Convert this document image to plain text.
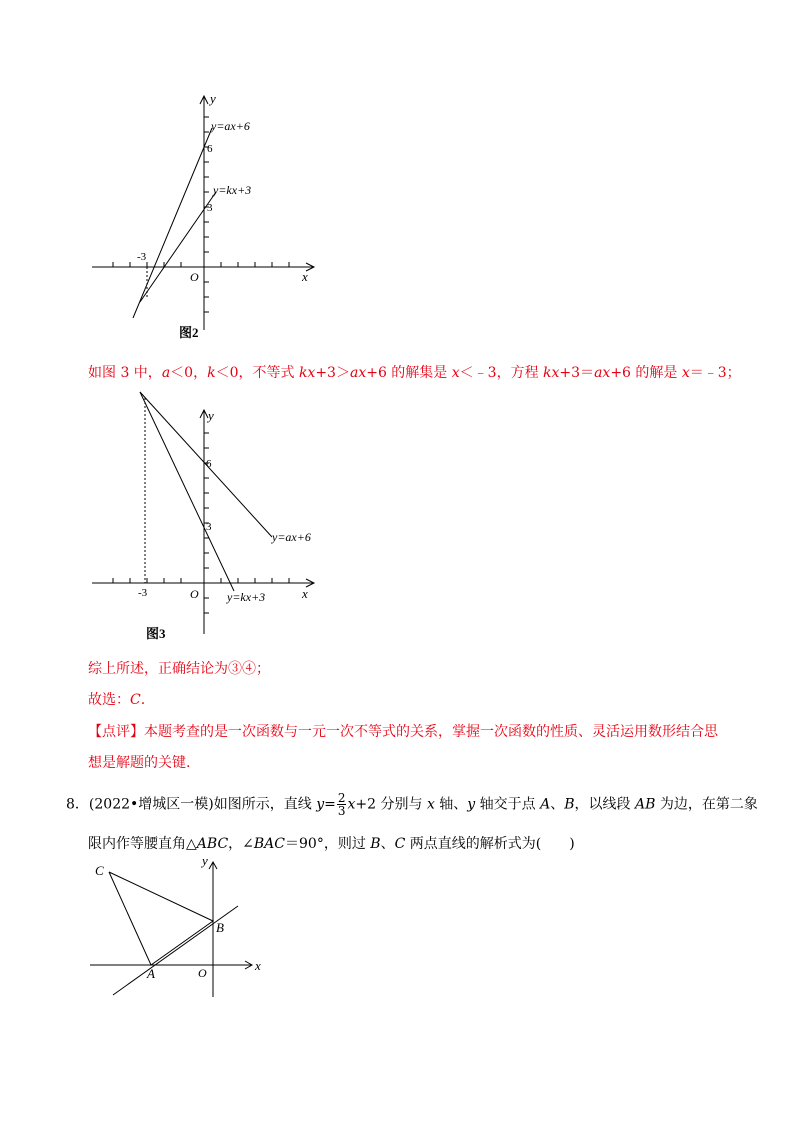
y
y=ax+6
6
y=kx+3
3
-3
O	x
图2
如图 3 中，a＜0，k＜0，不等式 kx+3＞ax+6 的解集是 x＜﹣3，方程 kx+3＝ax+6 的解是 x＝﹣3；
y
6
3
y=ax+6
-3	O y=kx+3	x
图3
综上所述，正确结论为③④；
故选：C.
【点评】本题考查的是一次函数与一元一次不等式的关系，掌握一次函数的性质、灵活运用数形结合思
想是解题的关键.
8．(2022•增城区一模)如图所示，直线 $y= \frac{2}{3} x+2$ 分别与 x 轴、y 轴交于点 A、B，以线段 AB 为边，在第二象
限内作等腰直角△ABC，∠BAC＝90°，则过 B、C 两点直线的解析式为(　　)
y
C
B
A	O	x
